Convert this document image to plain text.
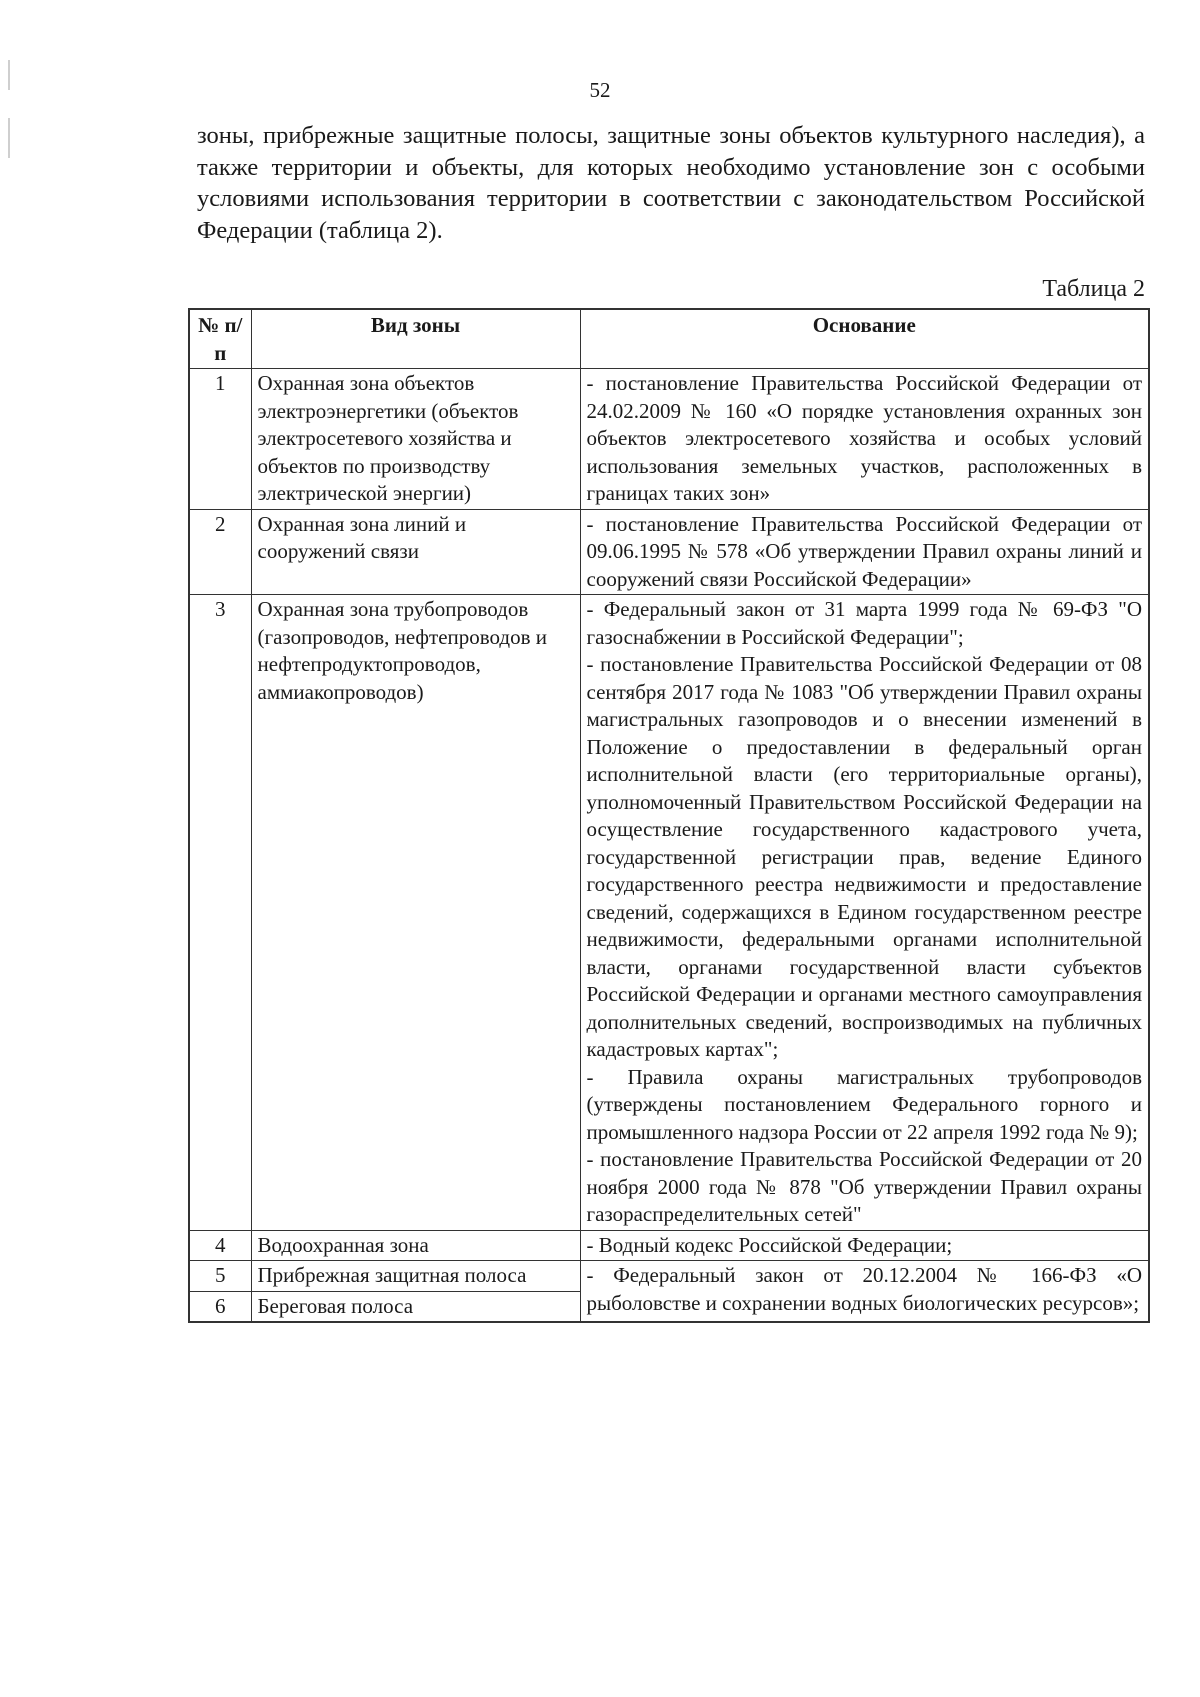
52

зоны, прибрежные защитные полосы, защитные зоны объектов культурного наследия), а также территории и объекты, для которых необходимо установление зон с особыми условиями использования территории в соответствии с законодательством Российской Федерации (таблица 2).

Таблица 2
№ п/п	Вид зоны	Основание
1	Охранная зона объектов электроэнергетики (объектов электросетевого хозяйства и объектов по производству электрической энергии)	- постановление Правительства Российской Федерации от 24.02.2009 № 160 «О порядке установления охранных зон объектов электросетевого хозяйства и особых условий использования земельных участков, расположенных в границах таких зон»

2	Охранная зона линий и сооружений связи	- постановление Правительства Российской Федерации от 09.06.1995 № 578 «Об утверждении Правил охраны линий и сооружений связи Российской Федерации»

3	Охранная зона трубопроводов (газопроводов, нефтепроводов и нефтепродуктопроводов, аммиакопроводов)	- Федеральный закон от 31 марта 1999 года № 69-ФЗ "О газоснабжении в Российской Федерации";
- постановление Правительства Российской Федерации от 08 сентября 2017 года № 1083 "Об утверждении Правил охраны магистральных газопроводов и о внесении изменений в Положение о предоставлении в федеральный орган исполнительной власти (его территориальные органы), уполномоченный Правительством Российской Федерации на осуществление государственного кадастрового учета, государственной регистрации прав, ведение Единого государственного реестра недвижимости и предоставление сведений, содержащихся в Едином государственном реестре недвижимости, федеральными органами исполнительной власти, органами государственной власти субъектов Российской Федерации и органами местного самоуправления дополнительных сведений, воспроизводимых на публичных кадастровых картах";
- Правила охраны магистральных трубопроводов (утверждены постановлением Федерального горного и промышленного надзора России от 22 апреля 1992 года № 9);
- постановление Правительства Российской Федерации от 20 ноября 2000 года № 878 "Об утверждении Правил охраны газораспределительных сетей"

4	Водоохранная зона	- Водный кодекс Российской Федерации;

5	Прибрежная защитная полоса	- Федеральный закон от 20.12.2004 № 166-ФЗ «О рыболовстве и сохранении водных биологических ресурсов»;

6	Береговая полоса	
